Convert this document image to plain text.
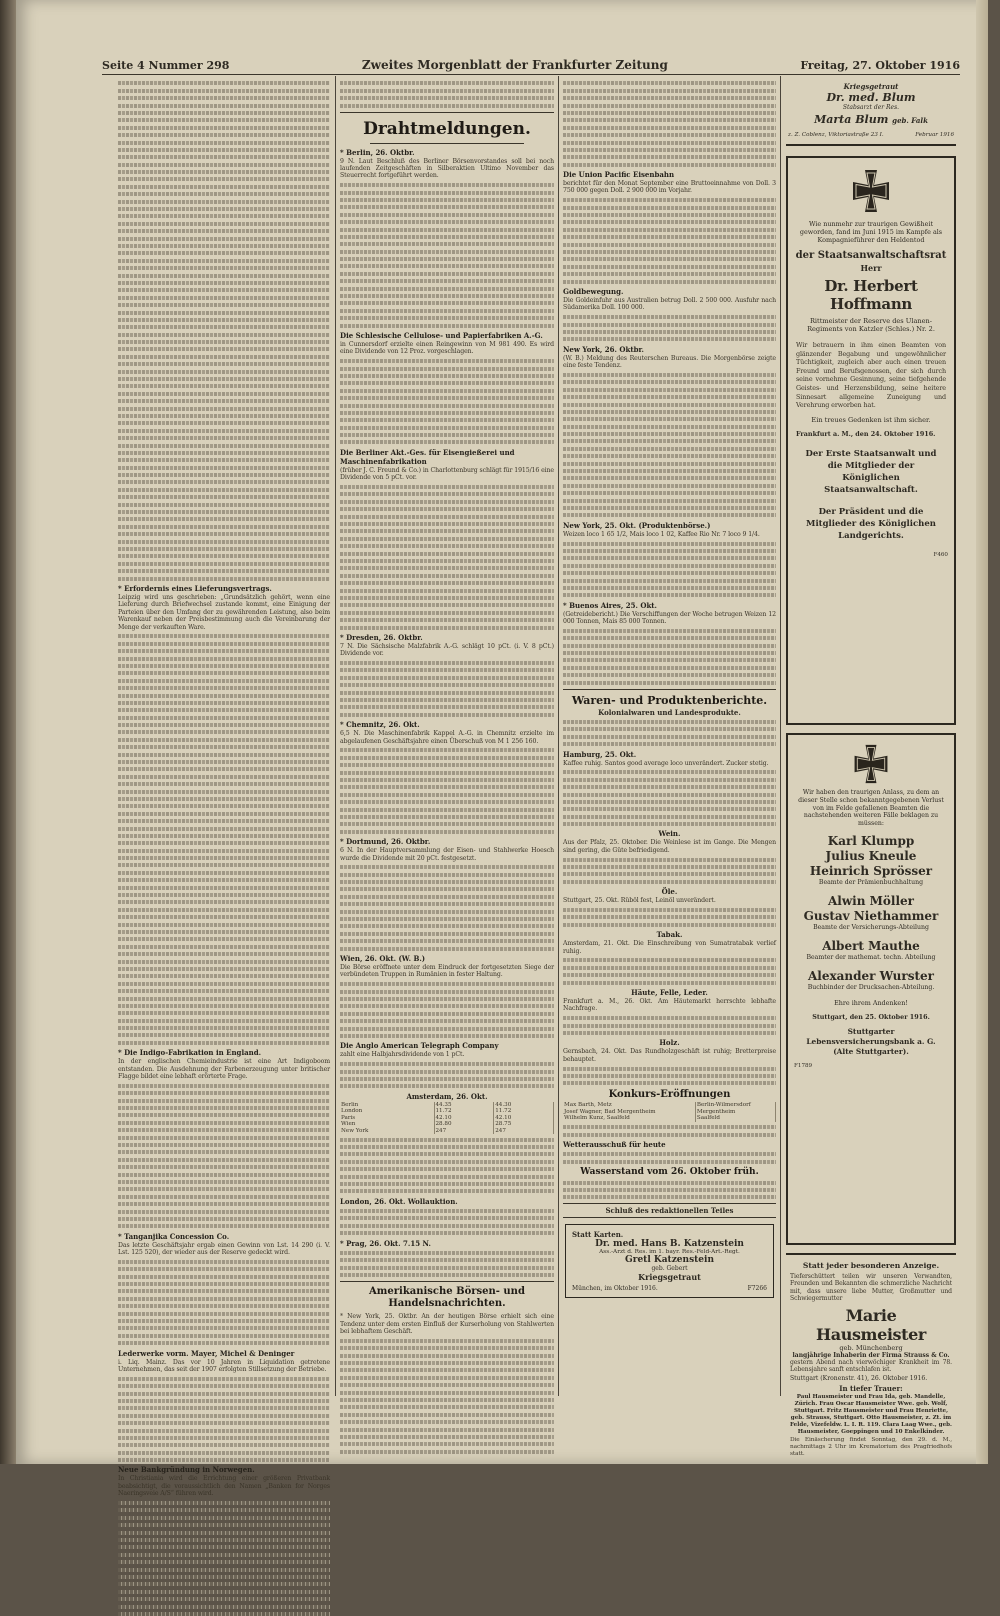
Seite 4 Nummer 298	Zweites Morgenblatt der Frankfurter Zeitung	Freitag, 27. Oktober 1916

* Erfordernis eines Lieferungsvertrags.

Leipzig wird uns geschrieben: „Grundsätzlich gehört, wenn eine Lieferung durch Briefwechsel zustande kommt, eine Einigung der Parteien über den Umfang der zu gewährenden Leistung, also beim Warenkauf neben der Preisbestimmung auch die Vereinbarung der Menge der verkauften Ware.

* Die Indigo-Fabrikation in England.

In der englischen Chemieindustrie ist eine Art Indigoboom entstanden. Die Ausdehnung der Farbenerzeugung unter britischer Flagge bildet eine lebhaft erörterte Frage.

* Tanganjika Concession Co.

Das letzte Geschäftsjahr ergab einen Gewinn von Lst. 14 290 (i. V. Lst. 125 520), der wieder aus der Reserve gedeckt wird.

Lederwerke vorm. Mayer, Michel & Deninger

i. Liq. Mainz. Das vor 10 Jahren in Liquidation getretene Unternehmen, das seit der 1907 erfolgten Stillsetzung der Betriebe.

Neue Bankgründung in Norwegen.

In Christiania wird die Errichtung einer größeren Privatbank beabsichtigt, die voraussichtlich den Namen „Banken for Norges Naeringsveie A/S“ führen wird.

Drahtmeldungen.

* Berlin, 26. Oktbr.

9 N. Laut Beschluß des Berliner Börsenvorstandes soll bei noch laufenden Zeitgeschäften in Silberaktien Ultimo November das Steuerrecht fortgeführt werden.

Die Schlesische Cellulose- und Papierfabriken A.-G.

in Cunnersdorf erzielte einen Reingewinn von M 981 490. Es wird eine Dividende von 12 Proz. vorgeschlagen.

Die Berliner Akt.-Ges. für Eisengießerei und Maschinenfabrikation

(früher J. C. Freund & Co.) in Charlottenburg schlägt für 1915/16 eine Dividende von 5 pCt. vor.

* Dresden, 26. Oktbr.

7 N. Die Sächsische Malzfabrik A.-G. schlägt 10 pCt. (i. V. 8 pCt.) Dividende vor.

* Chemnitz, 26. Okt.

6,5 N. Die Maschinenfabrik Kappel A.-G. in Chemnitz erzielte im abgelaufenen Geschäftsjahre einen Überschuß von M 1 256 160.

* Dortmund, 26. Oktbr.

6 N. In der Hauptversammlung der Eisen- und Stahlwerke Hoesch wurde die Dividende mit 20 pCt. festgesetzt.

Wien, 26. Okt. (W. B.)

Die Börse eröffnete unter dem Eindruck der fortgesetzten Siege der verbündeten Truppen in Rumänien in fester Haltung.

Die Anglo American Telegraph Company

zahlt eine Halbjahrsdividende von 1 pCt.

Amsterdam, 26. Okt.

Berlin	44.35	44.30
London	11.72	11.72
Paris	42.10	42.10
Wien	28.80	28.75
New York	247	247

London, 26. Okt. Wollauktion.

* Prag, 26. Okt. 7.15 N.

Amerikanische Börsen- und Handelsnachrichten.

* New York, 25. Oktbr. An der heutigen Börse erhielt sich eine Tendenz unter dem ersten Einfluß der Kurserholung von Stahlwerten bei lebhaftem Geschäft.

Die Union Pacific Eisenbahn

berichtet für den Monat September eine Bruttoeinnahme von Doll. 3 750 000 gegen Doll. 2 900 000 im Vorjahr.

Goldbewegung.

Die Goldeinfuhr aus Australien betrug Doll. 2 500 000. Ausfuhr nach Südamerika Doll. 100 000.

New York, 26. Oktbr.

(W. B.) Meldung des Reuterschen Bureaus. Die Morgenbörse zeigte eine feste Tendenz.

New York, 25. Okt. (Produktenbörse.)

Weizen loco 1 65 1/2, Mais loco 1 02, Kaffee Rio Nr. 7 loco 9 1/4.

* Buenos Aires, 25. Okt.

(Getreidebericht.) Die Verschiffungen der Woche betrugen Weizen 12 000 Tonnen, Mais 85 000 Tonnen.

Waren- und Produktenberichte.
Kolonialwaren und Landesprodukte.

Hamburg, 25. Okt.

Kaffee ruhig. Santos good average loco unverändert. Zucker stetig.

Wein.

Aus der Pfalz, 25. Oktober. Die Weinlese ist im Gange. Die Mengen sind gering, die Güte befriedigend.

Öle.

Stuttgart, 25. Okt. Rüböl fest, Leinöl unverändert.

Tabak.

Amsterdam, 21. Okt. Die Einschreibung von Sumatratabak verlief ruhig.

Häute, Felle, Leder.

Frankfurt a. M., 26. Okt. Am Häutemarkt herrschte lebhafte Nachfrage.

Holz.

Gernsbach, 24. Okt. Das Rundholzgeschäft ist ruhig; Bretterpreise behauptet.

Konkurs-Eröffnungen
Max Barth, Metz	Berlin-Wilmersdorf
Josef Wagner, Bad Mergentheim	Mergentheim
Wilhelm Kunz, Saalfeld	Saalfeld

Wetterausschuß für heute

Wasserstand vom 26. Oktober früh.
Schluß des redaktionellen Teiles
Statt Karten.
Dr. med. Hans B. Katzenstein
Ass.-Arzt d. Res. im 1. bayr. Res.-Feld-Art.-Regt.
Gretl Katzenstein
geb. Gebert
Kriegsgetraut
München, im Oktober 1916.	F7266
Kriegsgetraut
Dr. med. Blum
Stabsarzt der Res.
Marta Blum geb. Falk
z. Z. Coblenz, Viktoriastraße 23 I.	Februar 1916

Wie nunmehr zur traurigen Gewißheit geworden, fand im Juni 1915 im Kampfe als Kompagnieführer den Heldentod

der Staatsanwaltschaftsrat
Herr
Dr. Herbert Hoffmann

Rittmeister der Reserve des Ulanen-Regiments von Katzler (Schles.) Nr. 2.

Wir betrauern in ihm einen Beamten von glänzender Begabung und ungewöhnlicher Tüchtigkeit, zugleich aber auch einen treuen Freund und Berufsgenossen, der sich durch seine vornehme Gesinnung, seine tiefgehende Geistes- und Herzensbildung, seine heitere Sinnesart allgemeine Zuneigung und Verehrung erworben hat.

Ein treues Gedenken ist ihm sicher.

Frankfurt a. M., den 24. Oktober 1916.

Der Erste Staatsanwalt und die Mitglieder der Königlichen Staatsanwaltschaft.

Der Präsident und die Mitglieder des Königlichen Landgerichts.

F460

Wir haben den traurigen Anlass, zu dem an dieser Stelle schon bekanntgegebenen Verlust von im Felde gefallenen Beamten die nachstehenden weiteren Fälle beklagen zu müssen:

Karl Klumpp
Julius Kneule
Heinrich Sprösser
Beamte der Prämienbuchhaltung
Alwin Möller
Gustav Niethammer
Beamte der Versicherungs-Abteilung
Albert Mauthe
Beamter der mathemat. techn. Abteilung
Alexander Wurster
Buchbinder der Drucksachen-Abteilung.

Ehre ihrem Andenken!

Stuttgart, den 25. Oktober 1916.

Stuttgarter Lebensversicherungsbank a. G. (Alte Stuttgarter).

F1789
Statt jeder besonderen Anzeige.

Tieferschüttert teilen wir unseren Verwandten, Freunden und Bekannten die schmerzliche Nachricht mit, dass unsere liebe Mutter, Großmutter und Schwiegermutter

Marie Hausmeister
geb. Münchenberg
langjährige Inhaberin der Firma Strauss & Co.

gestern Abend nach vierwöchiger Krankheit im 78. Lebensjahre sanft entschlafen ist.

Stuttgart (Kronenstr. 41), 26. Oktober 1916.

In tiefer Trauer:

Paul Hausmeister und Frau Ida, geb. Mandelle, Zürich. Frau Oscar Hausmeister Wwe. geb. Wolf, Stuttgart. Fritz Hausmeister und Frau Henriette, geb. Strauss, Stuttgart. Otto Hausmeister, z. Zt. im Felde, Vizefeldw. L. I. R. 119. Clara Laag Wwe., geb. Hausmeister, Goeppingen und 10 Enkelkinder.

Die Einäscherung findet Sonntag, den 29. d. M., nachmittags 2 Uhr im Krematorium des Pragfriedhofs statt.
